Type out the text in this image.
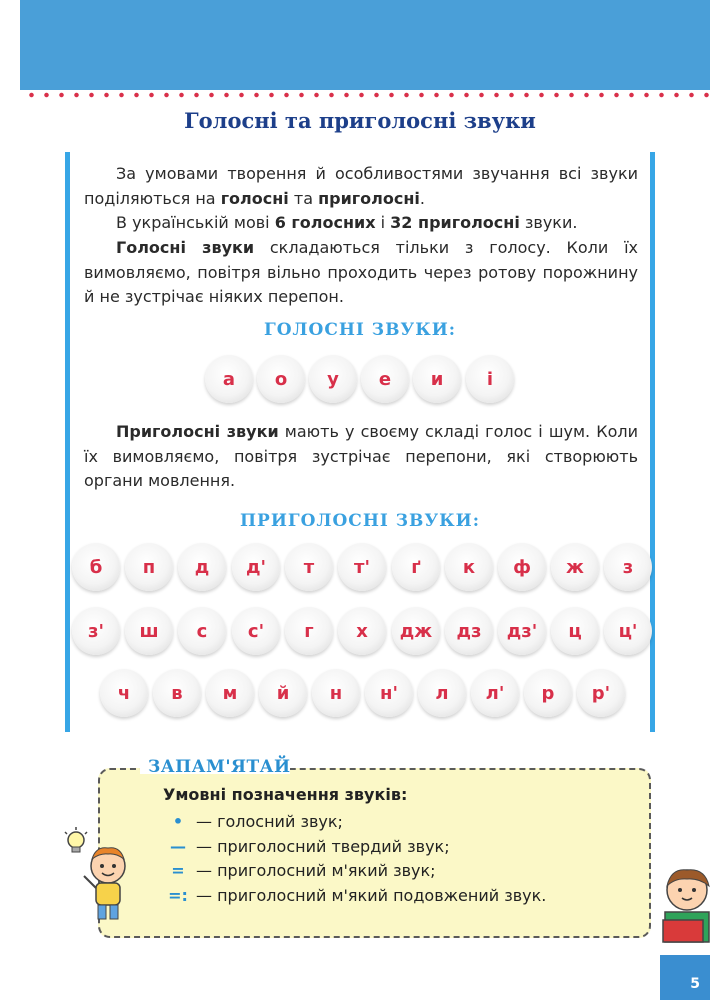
Голосні та приголосні звуки
За умовами творення й особливостями звучання всі звуки поділяються на голосні та приголосні.
В українській мові 6 голосних і 32 приголосні звуки.
Голосні звуки складаються тільки з голосу. Коли їх вимовляємо, повітря вільно проходить через ротову порожнину й не зустрічає ніяких перепон.
ГОЛОСНІ ЗВУКИ:
а	о	у	е	и	і
Приголосні звуки мають у своєму складі голос і шум. Коли їх вимовляємо, повітря зустрічає перепони, які створюють органи мовлення.
ПРИГОЛОСНІ ЗВУКИ:
б	п	д	д'	т	т'	ґ	к	ф	ж	з
з'	ш	с	с'	г	х	дж	дз	дз'	ц	ц'
ч	в	м	й	н	н'	л	л'	р	р'
ЗАПАМ'ЯТАЙ
Умовні позначення звуків:
• — голосний звук;
— — приголосний твердий звук;
= — приголосний м'який звук;
=: — приголосний м'який подовжений звук.
5
